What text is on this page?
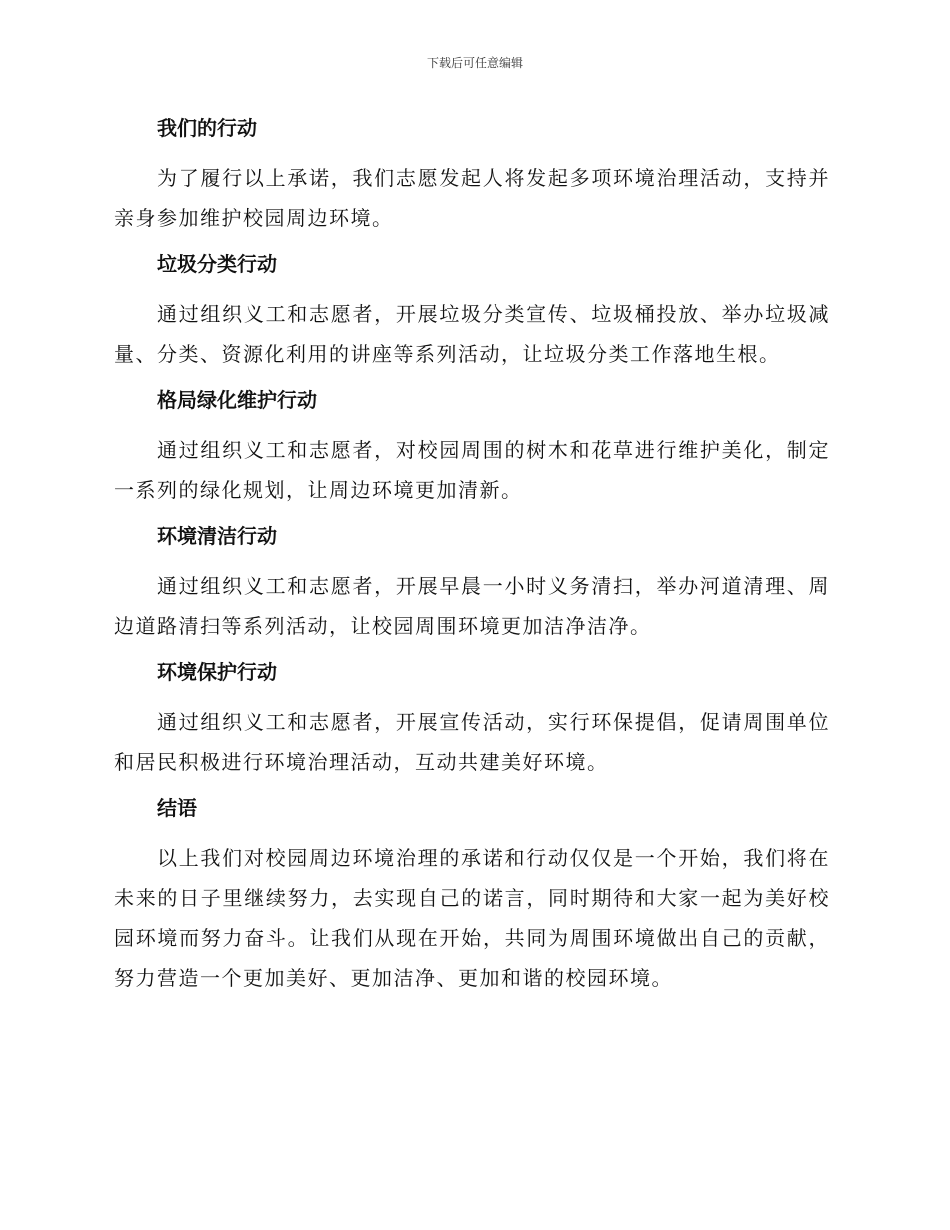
下载后可任意编辑
我们的行动

为了履行以上承诺，我们志愿发起人将发起多项环境治理活动，支持并亲身参加维护校园周边环境。

垃圾分类行动

通过组织义工和志愿者，开展垃圾分类宣传、垃圾桶投放、举办垃圾减量、分类、资源化利用的讲座等系列活动，让垃圾分类工作落地生根。

格局绿化维护行动

通过组织义工和志愿者，对校园周围的树木和花草进行维护美化，制定一系列的绿化规划，让周边环境更加清新。

环境清洁行动

通过组织义工和志愿者，开展早晨一小时义务清扫，举办河道清理、周边道路清扫等系列活动，让校园周围环境更加洁净洁净。

环境保护行动

通过组织义工和志愿者，开展宣传活动，实行环保提倡，促请周围单位和居民积极进行环境治理活动，互动共建美好环境。

结语

以上我们对校园周边环境治理的承诺和行动仅仅是一个开始，我们将在未来的日子里继续努力，去实现自己的诺言，同时期待和大家一起为美好校园环境而努力奋斗。让我们从现在开始，共同为周围环境做出自己的贡献，努力营造一个更加美好、更加洁净、更加和谐的校园环境。
